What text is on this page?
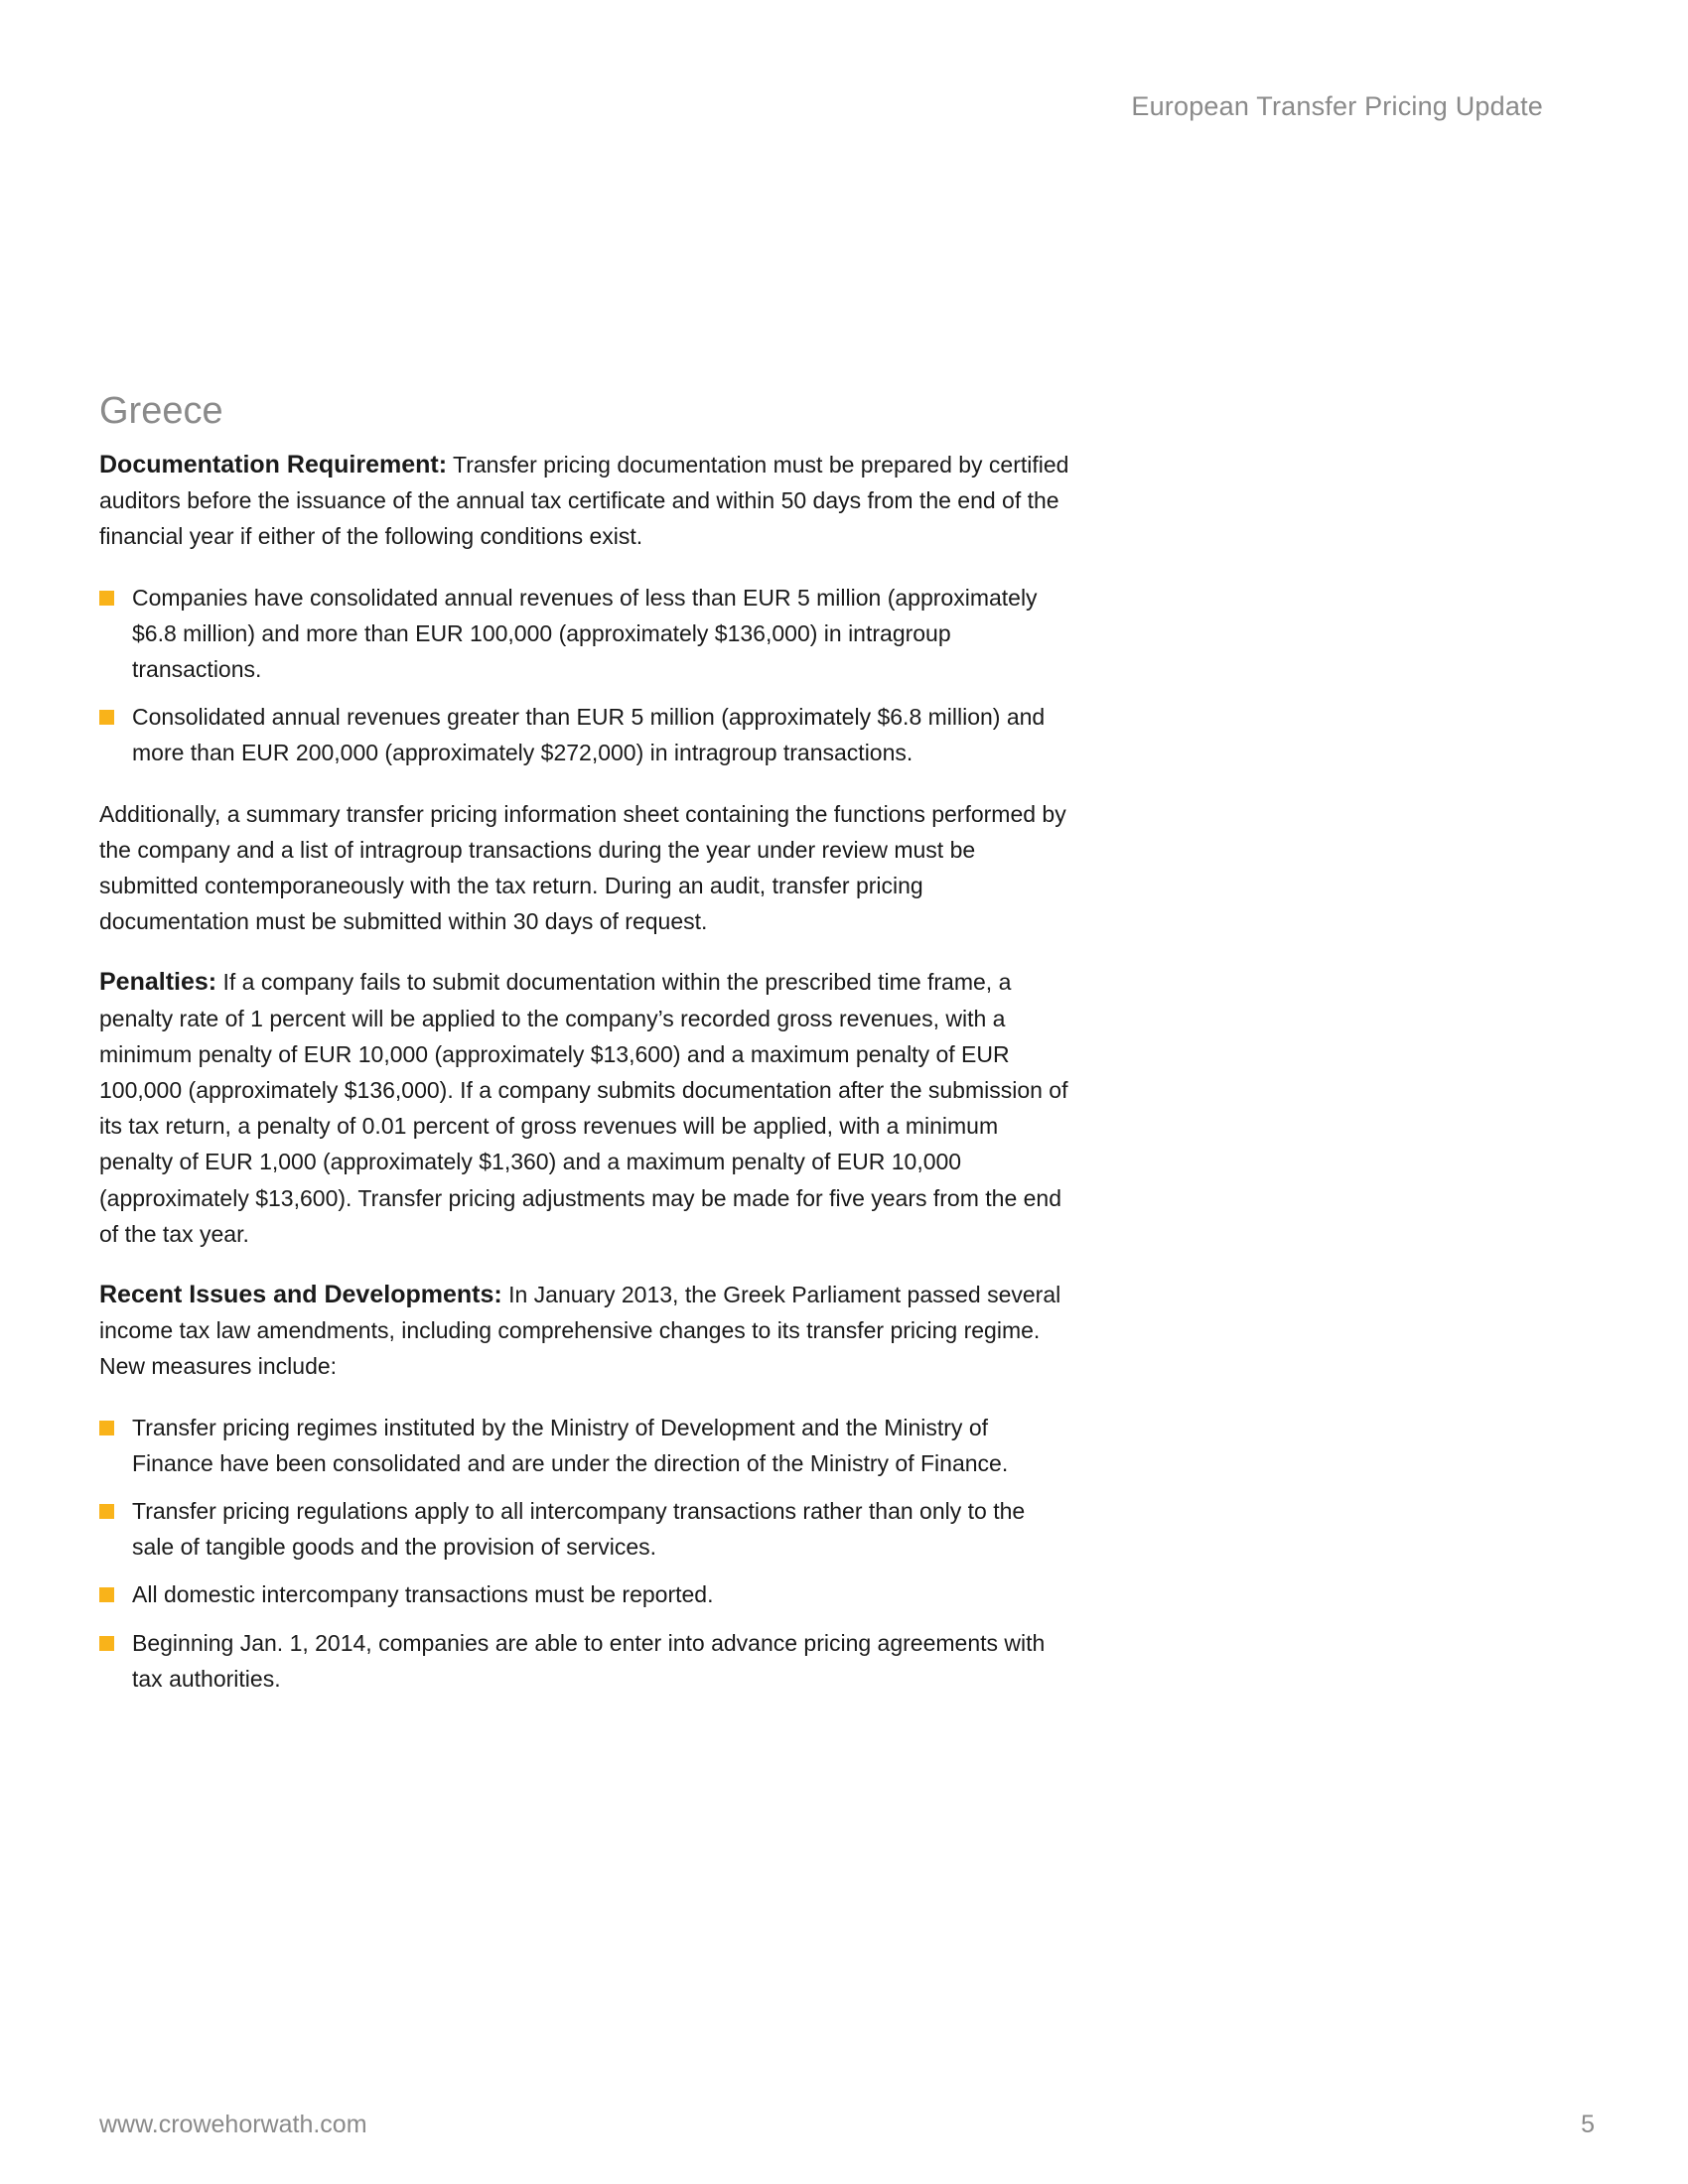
European Transfer Pricing Update
Greece

Documentation Requirement: Transfer pricing documentation must be prepared by certified auditors before the issuance of the annual tax certificate and within 50 days from the end of the financial year if either of the following conditions exist.

Companies have consolidated annual revenues of less than EUR 5 million (approximately $6.8 million) and more than EUR 100,000 (approximately $136,000) in intragroup transactions.
Consolidated annual revenues greater than EUR 5 million (approximately $6.8 million) and more than EUR 200,000 (approximately $272,000) in intragroup transactions.

Additionally, a summary transfer pricing information sheet containing the functions performed by the company and a list of intragroup transactions during the year under review must be submitted contemporaneously with the tax return. During an audit, transfer pricing documentation must be submitted within 30 days of request.

Penalties: If a company fails to submit documentation within the prescribed time frame, a penalty rate of 1 percent will be applied to the company’s recorded gross revenues, with a minimum penalty of EUR 10,000 (approximately $13,600) and a maximum penalty of EUR 100,000 (approximately $136,000). If a company submits documentation after the submission of its tax return, a penalty of 0.01 percent of gross revenues will be applied, with a minimum penalty of EUR 1,000 (approximately $1,360) and a maximum penalty of EUR 10,000 (approximately $13,600). Transfer pricing adjustments may be made for five years from the end of the tax year.

Recent Issues and Developments: In January 2013, the Greek Parliament passed several income tax law amendments, including comprehensive changes to its transfer pricing regime. New measures include:

Transfer pricing regimes instituted by the Ministry of Development and the Ministry of Finance have been consolidated and are under the direction of the Ministry of Finance.
Transfer pricing regulations apply to all intercompany transactions rather than only to the sale of tangible goods and the provision of services.
All domestic intercompany transactions must be reported.
Beginning Jan. 1, 2014, companies are able to enter into advance pricing agreements with tax authorities.
www.crowehorwath.com	5
